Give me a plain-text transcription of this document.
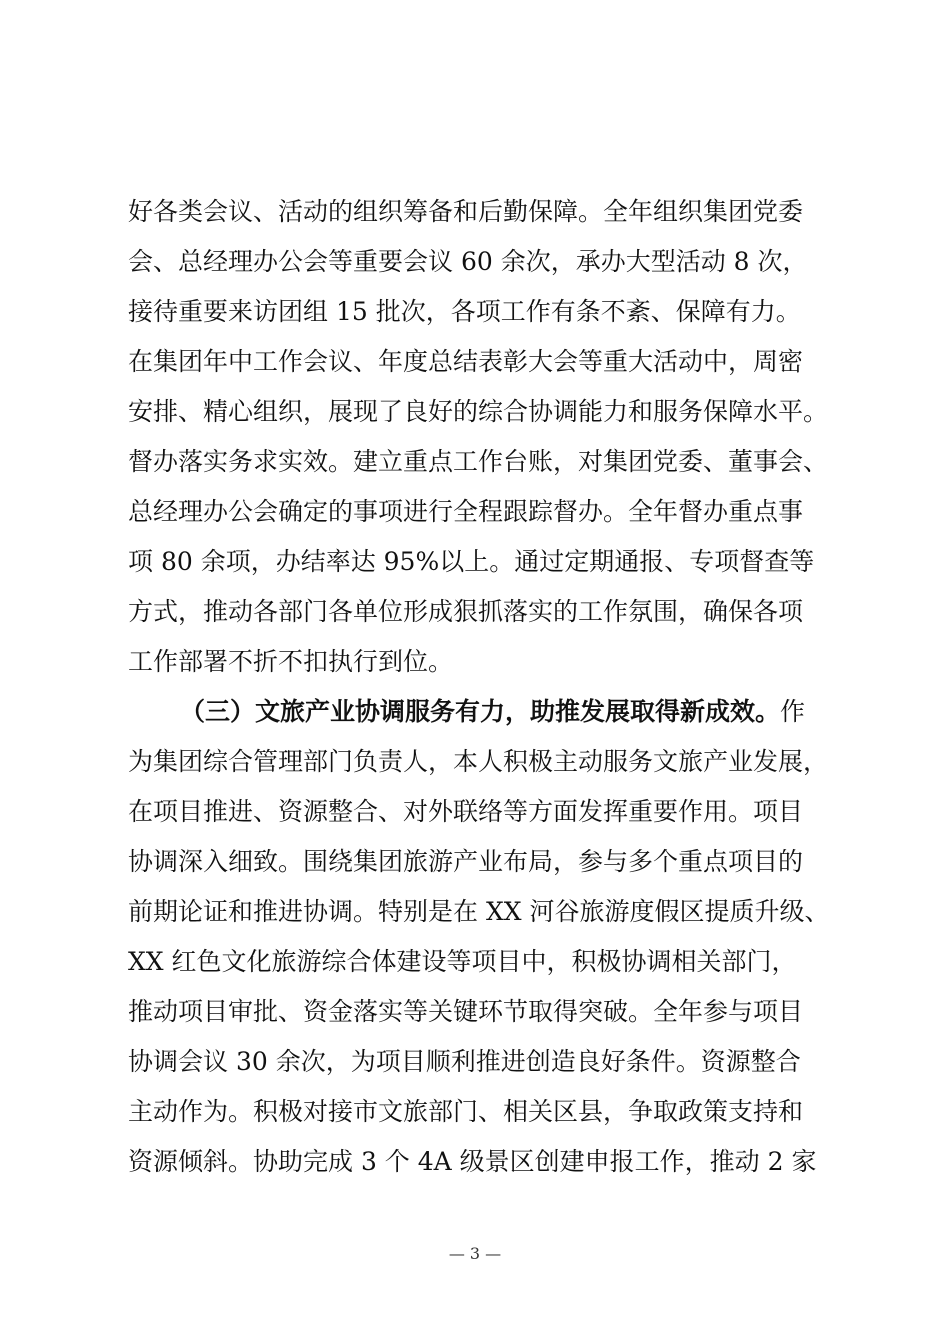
好各类会议、活动的组织筹备和后勤保障。全年组织集团党委
会、总经理办公会等重要会议 60 余次，承办大型活动 8 次，
接待重要来访团组 15 批次，各项工作有条不紊、保障有力。
在集团年中工作会议、年度总结表彰大会等重大活动中，周密
安排、精心组织，展现了良好的综合协调能力和服务保障水平。
督办落实务求实效。建立重点工作台账，对集团党委、董事会、
总经理办公会确定的事项进行全程跟踪督办。全年督办重点事
项 80 余项，办结率达 95%以上。通过定期通报、专项督查等
方式，推动各部门各单位形成狠抓落实的工作氛围，确保各项
工作部署不折不扣执行到位。
（三）文旅产业协调服务有力，助推发展取得新成效。作
为集团综合管理部门负责人，本人积极主动服务文旅产业发展，
在项目推进、资源整合、对外联络等方面发挥重要作用。项目
协调深入细致。围绕集团旅游产业布局，参与多个重点项目的
前期论证和推进协调。特别是在 XX 河谷旅游度假区提质升级、
XX 红色文化旅游综合体建设等项目中，积极协调相关部门，
推动项目审批、资金落实等关键环节取得突破。全年参与项目
协调会议 30 余次，为项目顺利推进创造良好条件。资源整合
主动作为。积极对接市文旅部门、相关区县，争取政策支持和
资源倾斜。协助完成 3 个 4A 级景区创建申报工作，推动 2 家
— 3 —
